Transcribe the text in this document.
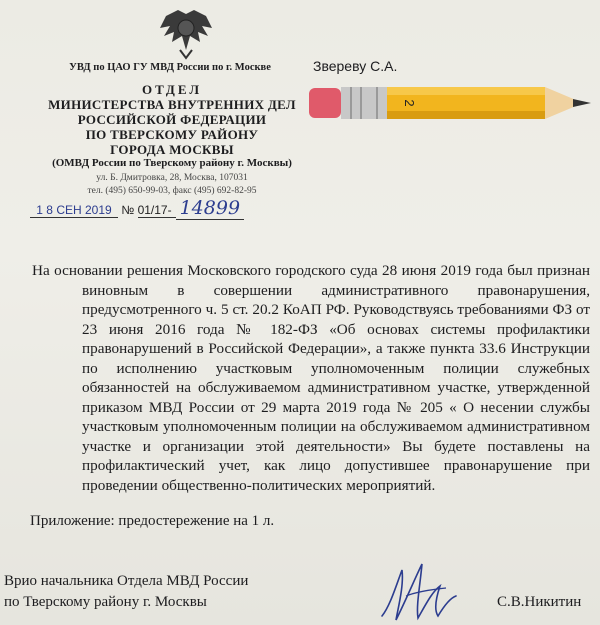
УВД по ЦАО ГУ МВД России по г. Москве
ОТДЕЛ
МИНИСТЕРСТВА ВНУТРЕННИХ ДЕЛ
РОССИЙСКОЙ ФЕДЕРАЦИИ
ПО ТВЕРСКОМУ РАЙОНУ
ГОРОДА МОСКВЫ
(ОМВД России по Тверскому району г. Москвы)
ул. Б. Дмитровка, 28, Москва, 107031
тел. (495) 650-99-03, факс (495) 692-82-95
Звереву С.А.
2
1 8 СЕН 2019 № 01/17- 14899

На основании решения Московского городского суда 28 июня 2019 года был признан виновным в совершении административного правонарушения, предусмотренного ч. 5 ст. 20.2 КоАП РФ. Руководствуясь требованиями ФЗ от 23 июня 2016 года № 182-ФЗ «Об основах системы профилактики правонарушений в Российской Федерации», а также пункта 33.6 Инструкции по исполнению участковым уполномоченным полиции служебных обязанностей на обслуживаемом административном участке, утвержденной приказом МВД России от 29 марта 2019 года № 205 « О несении службы участковым уполномоченным полиции на обслуживаемом административном участке и организации этой деятельности» Вы будете поставлены на профилактический учет, как лицо допустившее правонарушение при проведении общественно-политических мероприятий.

Приложение: предостережение на 1 л.
Врио начальника Отдела МВД России
по Тверскому району г. Москвы	С.В.Никитин
